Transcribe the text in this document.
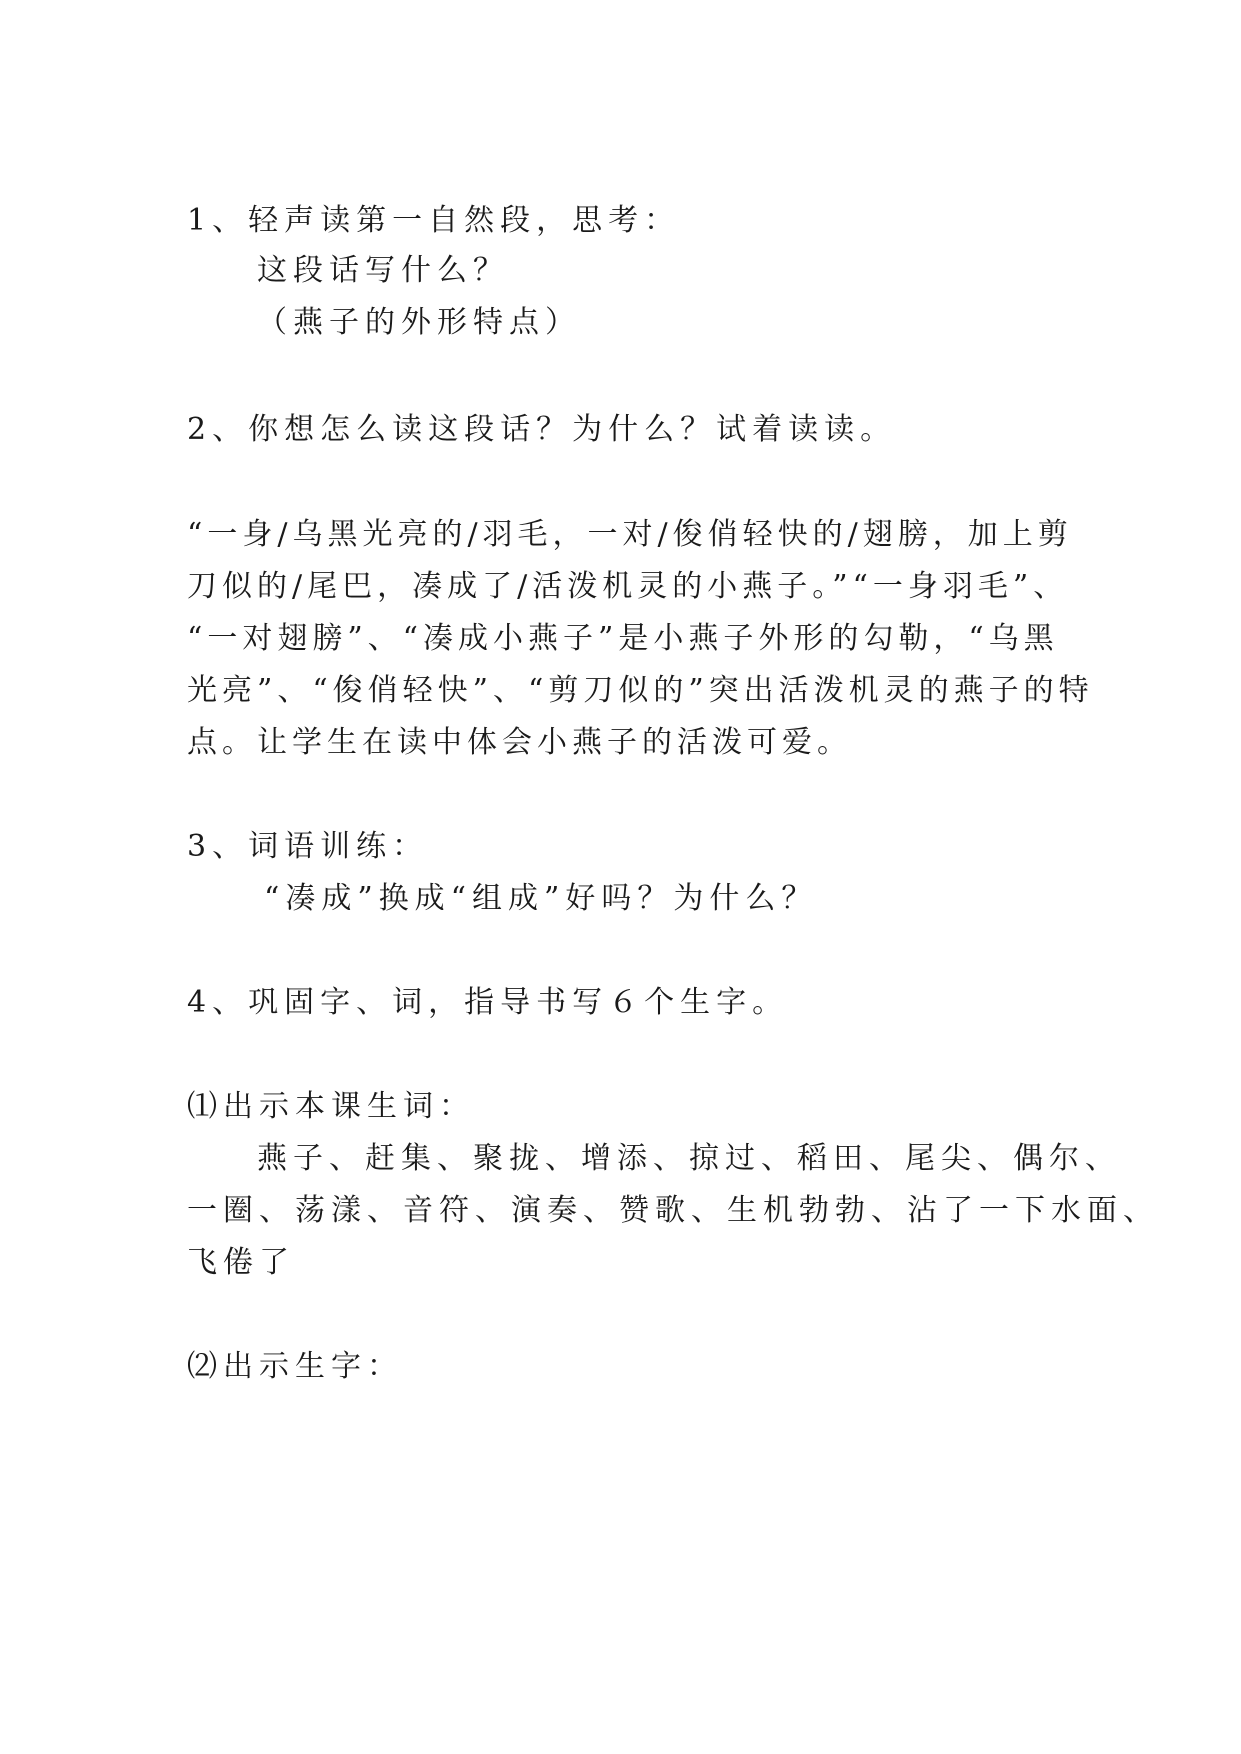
1、轻声读第一自然段，思考：
这段话写什么？
（燕子的外形特点）
2、你想怎么读这段话？为什么？试着读读。
“一身/乌黑光亮的/羽毛，一对/俊俏轻快的/翅膀，加上剪
刀似的/尾巴，凑成了/活泼机灵的小燕子。”“一身羽毛”、
“一对翅膀”、“凑成小燕子”是小燕子外形的勾勒，“乌黑
光亮”、“俊俏轻快”、“剪刀似的”突出活泼机灵的燕子的特
点。让学生在读中体会小燕子的活泼可爱。
3、词语训练：
“凑成”换成“组成”好吗？为什么？
4、巩固字、词，指导书写６个生字。
⑴出示本课生词：
燕子、赶集、聚拢、增添、掠过、稻田、尾尖、偶尔、
一圈、荡漾、音符、演奏、赞歌、生机勃勃、沾了一下水面、
飞倦了
⑵出示生字：
